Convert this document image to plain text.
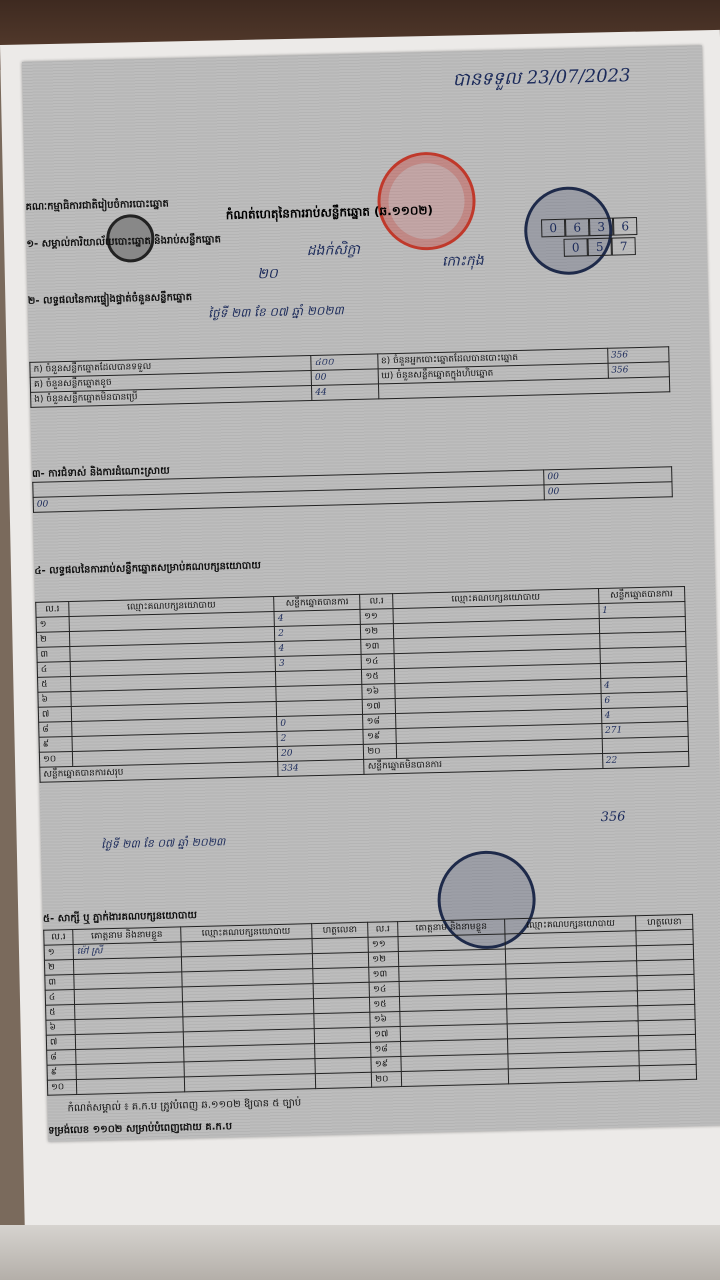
បានទទួល 23/07/2023
គណៈកម្មាធិការជាតិរៀបចំការបោះឆ្នោត	កំណត់ហេតុនៃការរាប់សន្លឹកឆ្នោត (ឆ.១១០២)
១- សម្គាល់ការិយាល័យបោះឆ្នោត និងរាប់សន្លឹកឆ្នោត
0 6 3 6
0 5 7
ដងក់សិក្ខា
២០
កោះកុង
២- លទ្ធផលនៃការផ្ទៀងផ្ទាត់ចំនួនសន្លឹកឆ្នោត
ថ្ងៃទី ២៣ ខែ ០៧ ឆ្នាំ ២០២៣
ក) ចំនួនសន្លឹកឆ្នោតដែលបានទទួល	៤០០	ខ) ចំនួនអ្នកបោះឆ្នោតដែលបានបោះឆ្នោត	356
គ) ចំនួនសន្លឹកឆ្នោតខូច	00	ឃ) ចំនួនសន្លឹកឆ្នោតក្នុងហិបឆ្នោត	356
ង) ចំនួនសន្លឹកឆ្នោតមិនបានប្រើ	44		
៣- ការជំទាស់ និងការដំណោះស្រាយ
		00
00	00
៤- លទ្ធផលនៃការរាប់សន្លឹកឆ្នោតសម្រាប់គណបក្សនយោបាយ
ល.រ	ឈ្មោះគណបក្សនយោបាយ	សន្លឹកឆ្នោតបានការ	ល.រ	ឈ្មោះគណបក្សនយោបាយ	សន្លឹកឆ្នោតបានការ
១		4	១១		1
២		2	១២		
៣		4	១៣		
៤		3	១៤		
៥			១៥		
៦			១៦		4
៧			១៧		6
៨		0	១៨		4
៩		2	១៩		271
១០		20	២០		
សន្លឹកឆ្នោតបានការសរុប		334	សន្លឹកឆ្នោតមិនបានការ		22
356
ថ្ងៃទី ២៣ ខែ ០៧ ឆ្នាំ ២០២៣
៥- សាក្សី ឬ ភ្នាក់ងារគណបក្សនយោបាយ
ល.រ	គោត្តនាម និងនាមខ្លួន	ឈ្មោះគណបក្សនយោបាយ	ហត្ថលេខា	ល.រ	គោត្តនាម និងនាមខ្លួន	ឈ្មោះគណបក្សនយោបាយ	ហត្ថលេខា
១	ម៉ៅ ស្រី			១១			
២				១២			
៣				១៣			
៤				១៤			
៥				១៥			
៦				១៦			
៧				១៧			
៨				១៨			
៩				១៩			
១០				២០			
កំណត់សម្គាល់ ៖ គ.ក.ប ត្រូវបំពេញ ឆ.១១០២ ឱ្យបាន ៥ ច្បាប់
ទម្រង់លេខ ១១០២ សម្រាប់បំពេញដោយ គ.ក.ប
